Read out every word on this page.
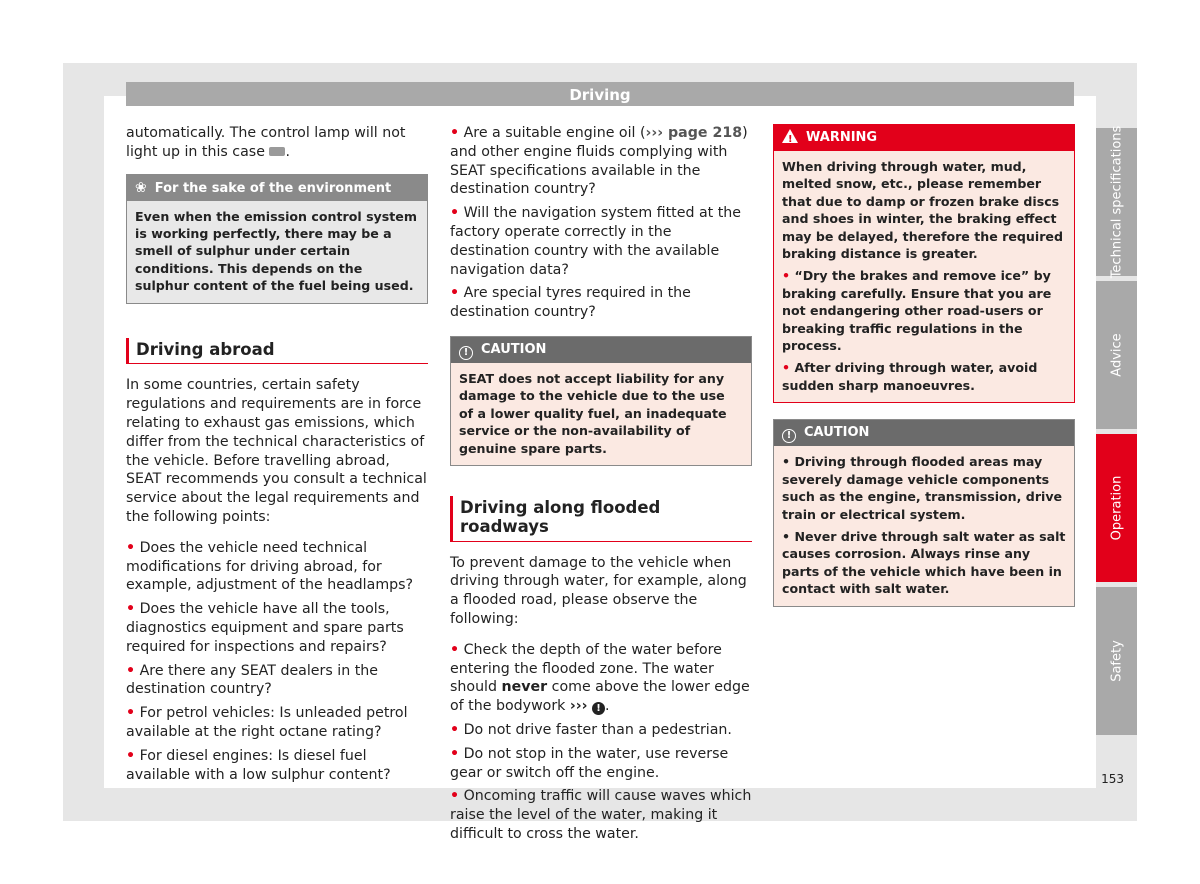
Driving

automatically. The control lamp will not light up in this case .

❀ For the sake of the environment
Even when the emission control system is working perfectly, there may be a smell of sulphur under certain conditions. This depends on the sulphur content of the fuel being used.
Driving abroad

In some countries, certain safety regulations and requirements are in force relating to exhaust gas emissions, which differ from the technical characteristics of the vehicle. Before travelling abroad, SEAT recommends you consult a technical service about the legal requirements and the following points:

• Does the vehicle need technical modifications for driving abroad, for example, adjustment of the headlamps?
• Does the vehicle have all the tools, diagnostics equipment and spare parts required for inspections and repairs?
• Are there any SEAT dealers in the destination country?
• For petrol vehicles: Is unleaded petrol available at the right octane rating?
• For diesel engines: Is diesel fuel available with a low sulphur content?
• Are a suitable engine oil (››› page 218) and other engine fluids complying with SEAT specifications available in the destination country?
• Will the navigation system fitted at the factory operate correctly in the destination country with the available navigation data?
• Are special tyres required in the destination country?
! CAUTION
SEAT does not accept liability for any damage to the vehicle due to the use of a lower quality fuel, an inadequate service or the non-availability of genuine spare parts.
Driving along flooded roadways

To prevent damage to the vehicle when driving through water, for example, along a flooded road, please observe the following:

• Check the depth of the water before entering the flooded zone. The water should never come above the lower edge of the bodywork ››› ! .
• Do not drive faster than a pedestrian.
• Do not stop in the water, use reverse gear or switch off the engine.
• Oncoming traffic will cause waves which raise the level of the water, making it difficult to cross the water.
! WARNING
When driving through water, mud, melted snow, etc., please remember that due to damp or frozen brake discs and shoes in winter, the braking effect may be delayed, therefore the required braking distance is greater.
• “Dry the brakes and remove ice” by braking carefully. Ensure that you are not endangering other road-users or breaking traffic regulations in the process.
• After driving through water, avoid sudden sharp manoeuvres.
! CAUTION
• Driving through flooded areas may severely damage vehicle components such as the engine, transmission, drive train or electrical system.
• Never drive through salt water as salt causes corrosion. Always rinse any parts of the vehicle which have been in contact with salt water.
Technical specifications
Advice
Operation
Safety
153
